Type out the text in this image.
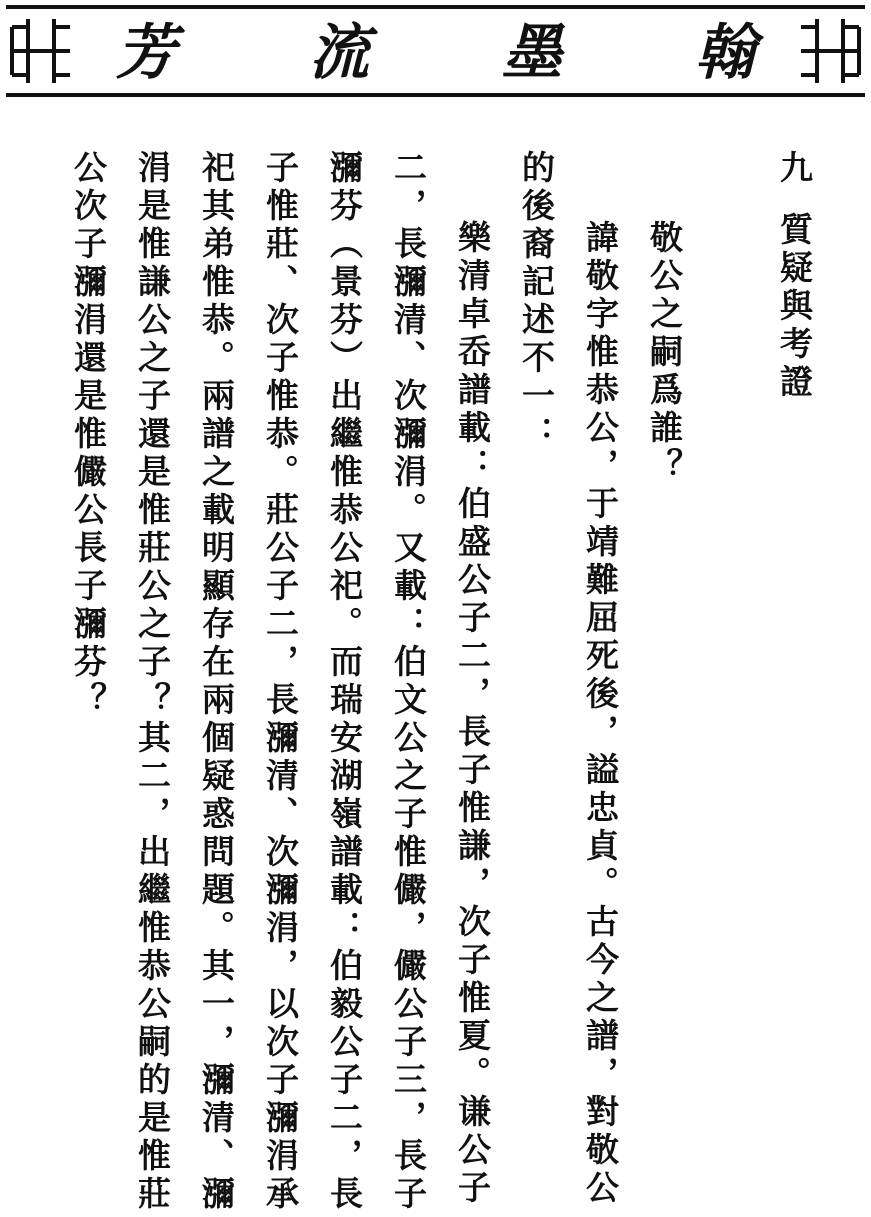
芳 流 墨 翰
九質疑與考證
敬公之嗣爲誰？
諱敬字惟恭公，于靖難屈死後，謚忠貞。古今之譜，對敬公
的後裔記述不一：
樂清卓岙譜載：伯盛公子二，長子惟謙，次子惟夏。谦公子
二，長瀰清、次瀰涓。又載：伯文公之子惟儼，儼公子三，長子
瀰芬（景芬）出繼惟恭公祀。而瑞安湖嶺譜載：伯毅公子二，長
子惟莊、次子惟恭。莊公子二，長瀰清、次瀰涓，以次子瀰涓承
祀其弟惟恭。兩譜之載明顯存在兩個疑惑問題。其一，瀰清、瀰
涓是惟謙公之子還是惟莊公之子？其二，出繼惟恭公嗣的是惟莊
公次子瀰涓還是惟儼公長子瀰芬？
